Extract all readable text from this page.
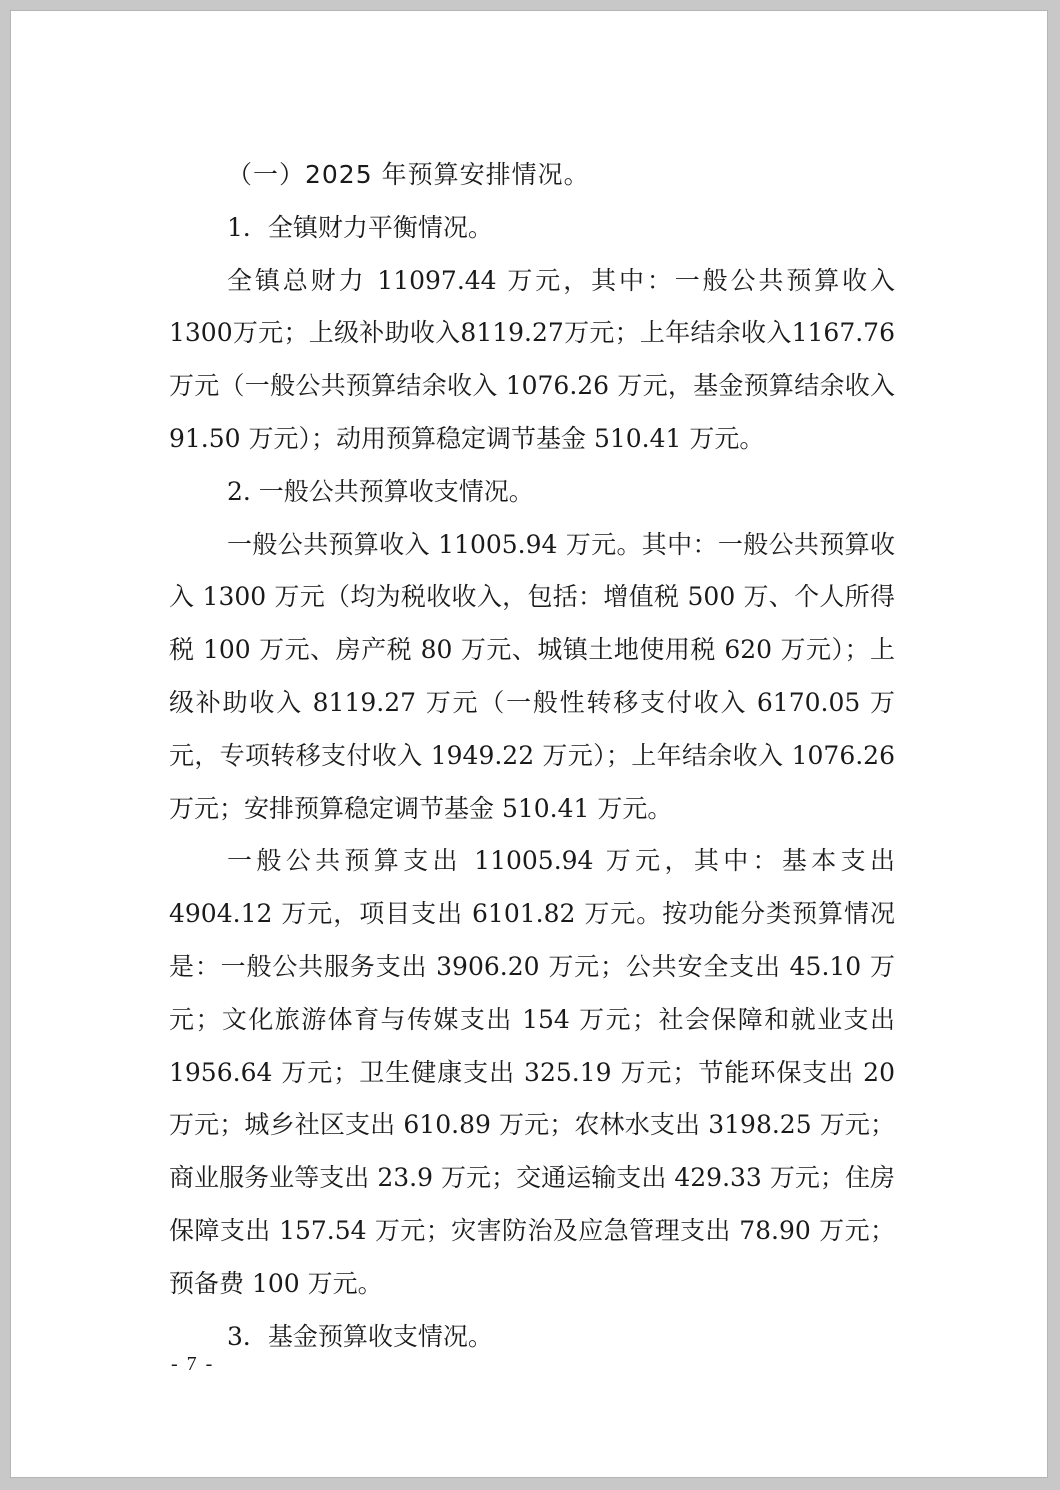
（一）2025 年预算安排情况。

1．全镇财力平衡情况。

全镇总财力 11097.44 万元，其中：一般公共预算收入1300万元；上级补助收入8119.27万元；上年结余收入1167.76万元（一般公共预算结余收入 1076.26 万元，基金预算结余收入 91.50 万元）；动用预算稳定调节基金 510.41 万元。

2. 一般公共预算收支情况。

一般公共预算收入 11005.94 万元。其中：一般公共预算收入 1300 万元（均为税收收入，包括：增值税 500 万、个人所得税 100 万元、房产税 80 万元、城镇土地使用税 620 万元）；上级补助收入 8119.27 万元（一般性转移支付收入 6170.05 万元，专项转移支付收入 1949.22 万元）；上年结余收入 1076.26 万元；安排预算稳定调节基金 510.41 万元。

一般公共预算支出 11005.94 万元，其中：基本支出 4904.12 万元，项目支出 6101.82 万元。按功能分类预算情况是：一般公共服务支出 3906.20 万元；公共安全支出 45.10 万元；文化旅游体育与传媒支出 154 万元；社会保障和就业支出 1956.64 万元；卫生健康支出 325.19 万元；节能环保支出 20 万元；城乡社区支出 610.89 万元；农林水支出 3198.25 万元；商业服务业等支出 23.9 万元；交通运输支出 429.33 万元；住房保障支出 157.54 万元；灾害防治及应急管理支出 78.90 万元；预备费 100 万元。

3．基金预算收支情况。

- 7 -
